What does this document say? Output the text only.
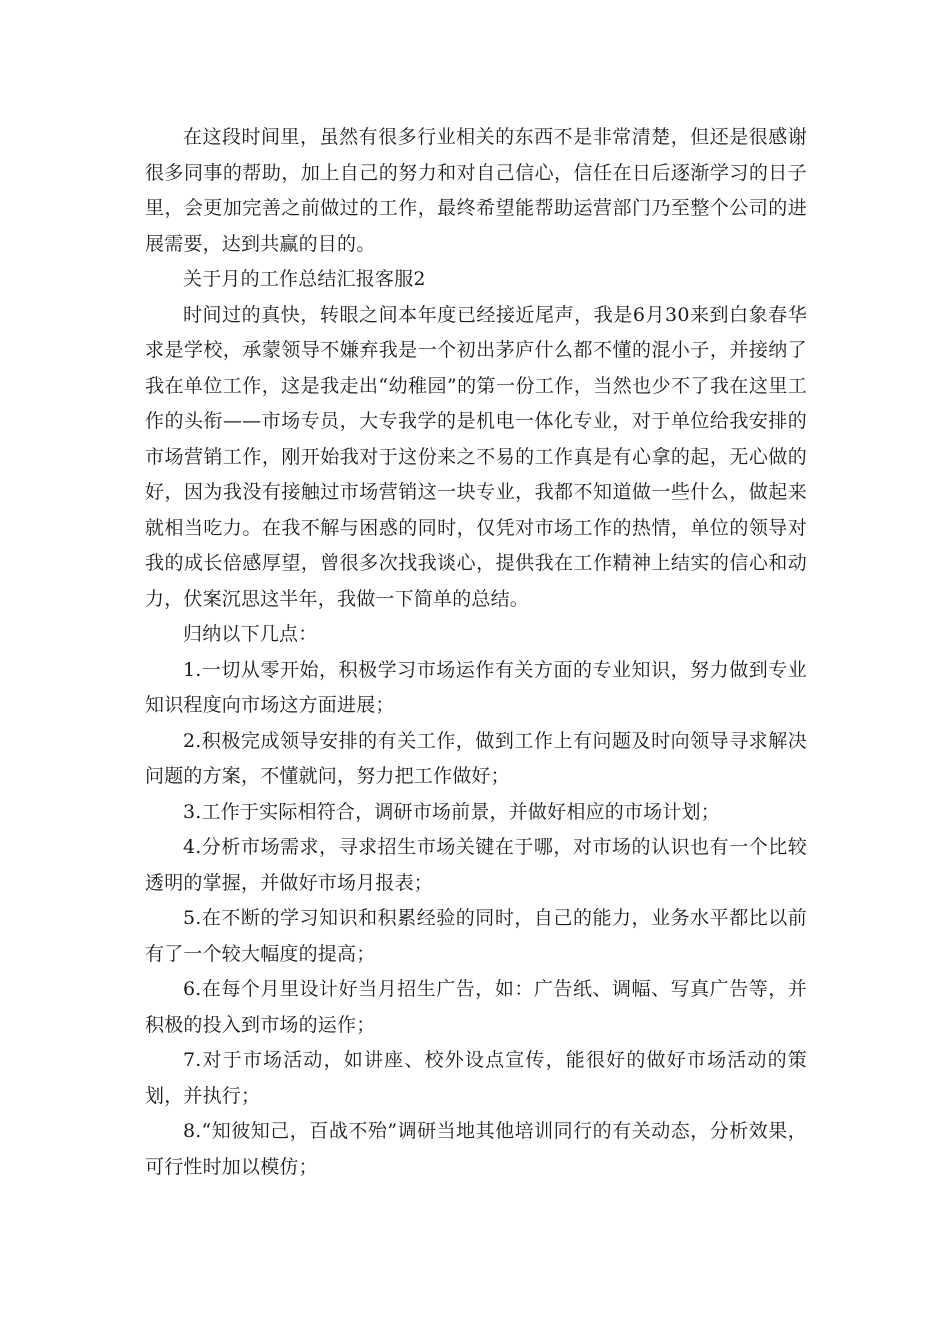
在这段时间里，虽然有很多行业相关的东西不是非常清楚，但还是很感谢很多同事的帮助，加上自己的努力和对自己信心，信任在日后逐渐学习的日子里，会更加完善之前做过的工作，最终希望能帮助运营部门乃至整个公司的进展需要，达到共赢的目的。

关于月的工作总结汇报客服2

时间过的真快，转眼之间本年度已经接近尾声，我是6月30来到白象春华求是学校，承蒙领导不嫌弃我是一个初出茅庐什么都不懂的混小子，并接纳了我在单位工作，这是我走出“幼稚园”的第一份工作，当然也少不了我在这里工作的头衔——市场专员，大专我学的是机电一体化专业，对于单位给我安排的市场营销工作，刚开始我对于这份来之不易的工作真是有心拿的起，无心做的好，因为我没有接触过市场营销这一块专业，我都不知道做一些什么，做起来就相当吃力。在我不解与困惑的同时，仅凭对市场工作的热情，单位的领导对我的成长倍感厚望，曾很多次找我谈心，提供我在工作精神上结实的信心和动力，伏案沉思这半年，我做一下简单的总结。

归纳以下几点：

1.一切从零开始，积极学习市场运作有关方面的专业知识，努力做到专业知识程度向市场这方面进展；

2.积极完成领导安排的有关工作，做到工作上有问题及时向领导寻求解决问题的方案，不懂就问，努力把工作做好；

3.工作于实际相符合，调研市场前景，并做好相应的市场计划；

4.分析市场需求，寻求招生市场关键在于哪，对市场的认识也有一个比较透明的掌握，并做好市场月报表；

5.在不断的学习知识和积累经验的同时，自己的能力，业务水平都比以前有了一个较大幅度的提高；

6.在每个月里设计好当月招生广告，如：广告纸、调幅、写真广告等，并积极的投入到市场的运作；

7.对于市场活动，如讲座、校外设点宣传，能很好的做好市场活动的策划，并执行；

8.“知彼知己，百战不殆”调研当地其他培训同行的有关动态，分析效果，可行性时加以模仿；
